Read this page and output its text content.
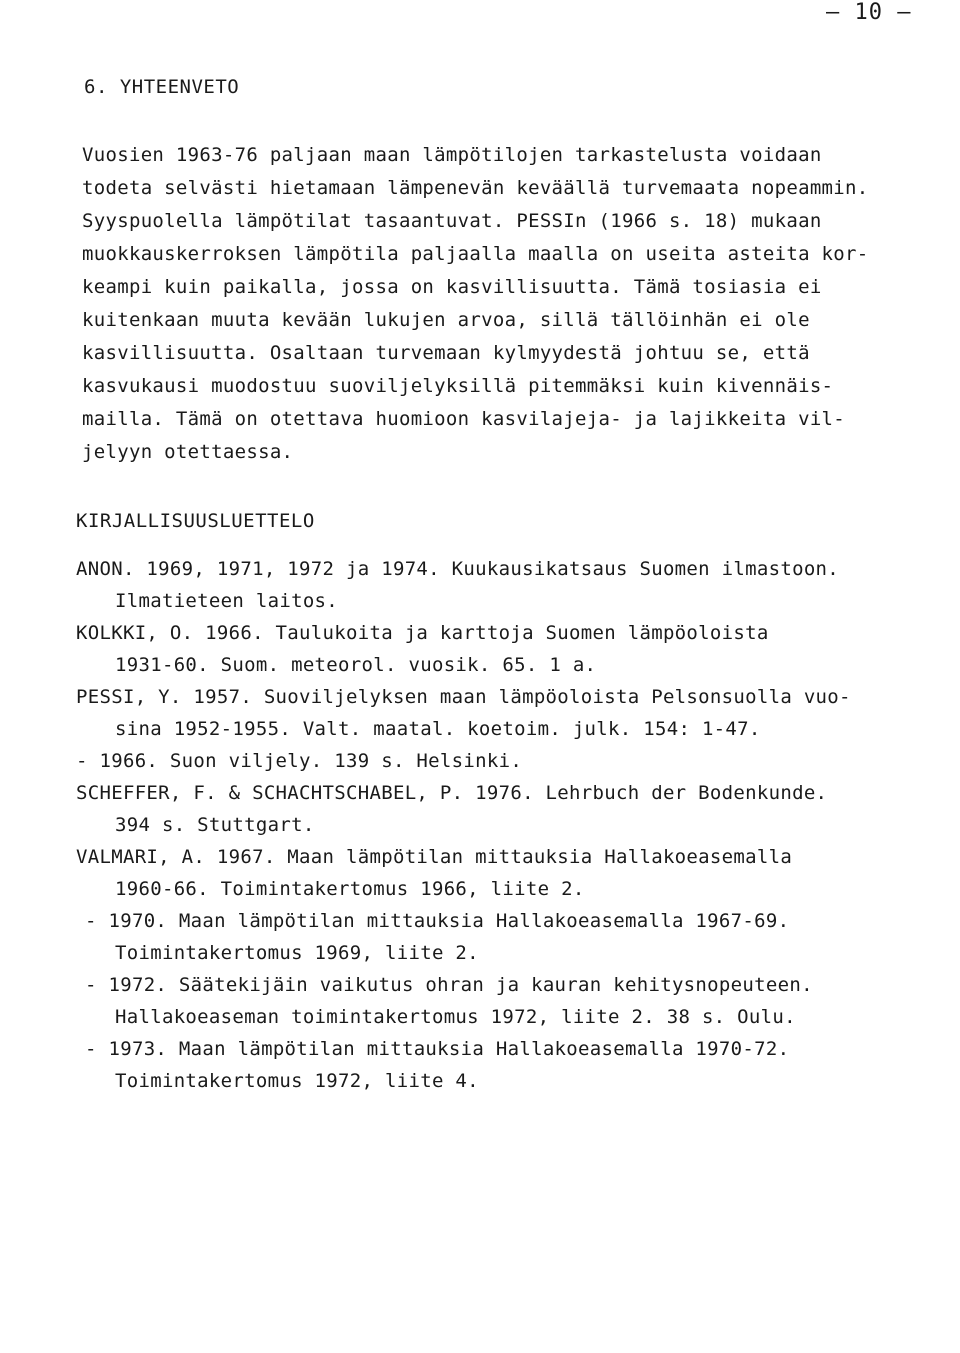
– 10 –
6. YHTEENVETO
Vuosien 1963-76 paljaan maan lämpötilojen tarkastelusta voidaan
todeta selvästi hietamaan lämpenevän keväällä turvemaata nopeammin.
Syyspuolella lämpötilat tasaantuvat. PESSIn (1966 s. 18) mukaan
muokkauskerroksen lämpötila paljaalla maalla on useita asteita kor-
keampi kuin paikalla, jossa on kasvillisuutta. Tämä tosiasia ei
kuitenkaan muuta kevään lukujen arvoa, sillä tällöinhän ei ole
kasvillisuutta. Osaltaan turvemaan kylmyydestä johtuu se, että
kasvukausi muodostuu suoviljelyksillä pitemmäksi kuin kivennäis-
mailla. Tämä on otettava huomioon kasvilajeja- ja lajikkeita vil-
jelyyn otettaessa.
KIRJALLISUUSLUETTELO
ANON. 1969, 1971, 1972 ja 1974. Kuukausikatsaus Suomen ilmastoon.
Ilmatieteen laitos.
KOLKKI, O. 1966. Taulukoita ja karttoja Suomen lämpöoloista
1931-60. Suom. meteorol. vuosik. 65. 1 a.
PESSI, Y. 1957. Suoviljelyksen maan lämpöoloista Pelsonsuolla vuo-
sina 1952-1955. Valt. maatal. koetoim. julk. 154: 1-47.
- 1966. Suon viljely. 139 s. Helsinki.
SCHEFFER, F. & SCHACHTSCHABEL, P. 1976. Lehrbuch der Bodenkunde.
394 s. Stuttgart.
VALMARI, A. 1967. Maan lämpötilan mittauksia Hallakoeasemalla
1960-66. Toimintakertomus 1966, liite 2.
- 1970. Maan lämpötilan mittauksia Hallakoeasemalla 1967-69.
Toimintakertomus 1969, liite 2.
- 1972. Säätekijäin vaikutus ohran ja kauran kehitysnopeuteen.
Hallakoeaseman toimintakertomus 1972, liite 2. 38 s. Oulu.
- 1973. Maan lämpötilan mittauksia Hallakoeasemalla 1970-72.
Toimintakertomus 1972, liite 4.
